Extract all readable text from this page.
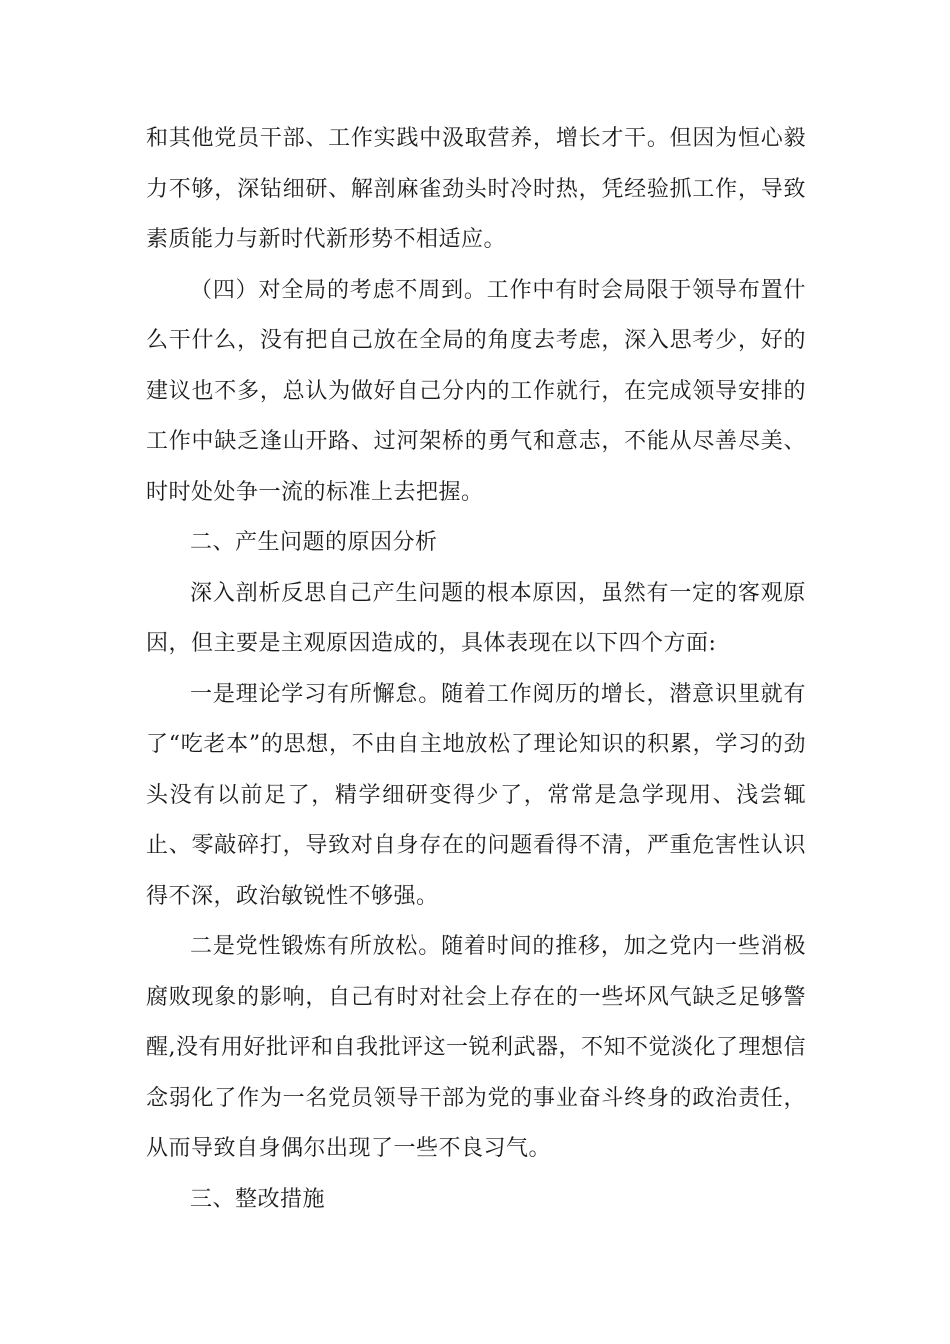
和其他党员干部、工作实践中汲取营养，增长才干。但因为恒心毅力不够，深钻细研、解剖麻雀劲头时冷时热，凭经验抓工作，导致素质能力与新时代新形势不相适应。

（四）对全局的考虑不周到。工作中有时会局限于领导布置什么干什么，没有把自己放在全局的角度去考虑，深入思考少，好的建议也不多，总认为做好自己分内的工作就行，在完成领导安排的工作中缺乏逢山开路、过河架桥的勇气和意志，不能从尽善尽美、时时处处争一流的标准上去把握。

二、产生问题的原因分析

深入剖析反思自己产生问题的根本原因，虽然有一定的客观原因，但主要是主观原因造成的，具体表现在以下四个方面:

一是理论学习有所懈怠。随着工作阅历的增长，潜意识里就有了“吃老本”的思想，不由自主地放松了理论知识的积累，学习的劲头没有以前足了，精学细研变得少了，常常是急学现用、浅尝辄止、零敲碎打，导致对自身存在的问题看得不清，严重危害性认识得不深，政治敏锐性不够强。

二是党性锻炼有所放松。随着时间的推移，加之党内一些消极腐败现象的影响，自己有时对社会上存在的一些坏风气缺乏足够警醒,没有用好批评和自我批评这一锐利武器，不知不觉淡化了理想信念弱化了作为一名党员领导干部为党的事业奋斗终身的政治责任，从而导致自身偶尔出现了一些不良习气。

三、整改措施
